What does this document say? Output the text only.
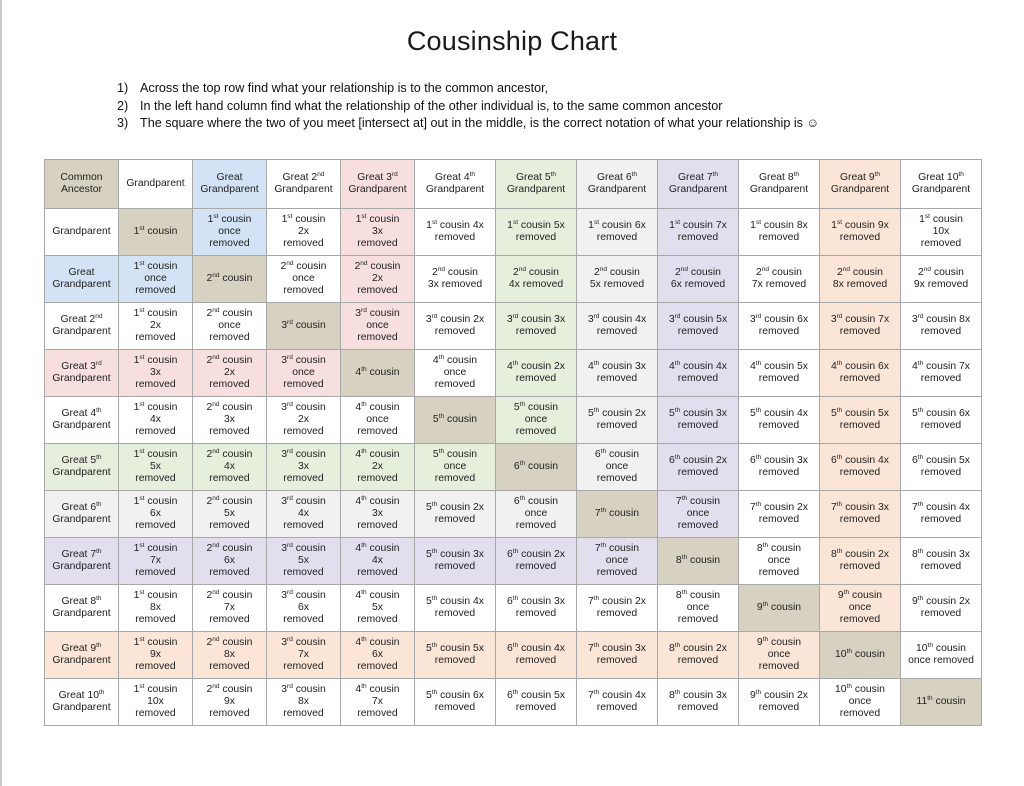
Cousinship Chart
1) Across the top row find what your relationship is to the common ancestor,
2) In the left hand column find what the relationship of the other individual is, to the same common ancestor
3) The square where the two of you meet [intersect at] out in the middle, is the correct notation of what your relationship is ☺
Common
Ancestor	Grandparent	Great
Grandparent	Great 2nd
Grandparent	Great 3rd
Grandparent	Great 4th
Grandparent	Great 5th
Grandparent	Great 6th
Grandparent	Great 7th
Grandparent	Great 8th
Grandparent	Great 9th
Grandparent	Great 10th
Grandparent

Grandparent	1st cousin	1st cousin
once
removed	1st cousin
2x
removed	1st cousin
3x
removed	1st cousin 4x
removed	1st cousin 5x
removed	1st cousin 6x
removed	1st cousin 7x
removed	1st cousin 8x
removed	1st cousin 9x
removed	1st cousin
10x
removed

Great
Grandparent	1st cousin
once
removed	2nd cousin	2nd cousin
once
removed	2nd cousin
2x
removed	2nd cousin
3x removed	2nd cousin
4x removed	2nd cousin
5x removed	2nd cousin
6x removed	2nd cousin
7x removed	2nd cousin
8x removed	2nd cousin
9x removed

Great 2nd
Grandparent	1st cousin
2x
removed	2nd cousin
once
removed	3rd cousin	3rd cousin
once
removed	3rd cousin 2x
removed	3rd cousin 3x
removed	3rd cousin 4x
removed	3rd cousin 5x
removed	3rd cousin 6x
removed	3rd cousin 7x
removed	3rd cousin 8x
removed

Great 3rd
Grandparent	1st cousin
3x
removed	2nd cousin
2x
removed	3rd cousin
once
removed	4th cousin	4th cousin
once
removed	4th cousin 2x
removed	4th cousin 3x
removed	4th cousin 4x
removed	4th cousin 5x
removed	4th cousin 6x
removed	4th cousin 7x
removed

Great 4th
Grandparent	1st cousin
4x
removed	2nd cousin
3x
removed	3rd cousin
2x
removed	4th cousin
once
removed	5th cousin	5th cousin
once
removed	5th cousin 2x
removed	5th cousin 3x
removed	5th cousin 4x
removed	5th cousin 5x
removed	5th cousin 6x
removed

Great 5th
Grandparent	1st cousin
5x
removed	2nd cousin
4x
removed	3rd cousin
3x
removed	4th cousin
2x
removed	5th cousin
once
removed	6th cousin	6th cousin
once
removed	6th cousin 2x
removed	6th cousin 3x
removed	6th cousin 4x
removed	6th cousin 5x
removed

Great 6th
Grandparent	1st cousin
6x
removed	2nd cousin
5x
removed	3rd cousin
4x
removed	4th cousin
3x
removed	5th cousin 2x
removed	6th cousin
once
removed	7th cousin	7th cousin
once
removed	7th cousin 2x
removed	7th cousin 3x
removed	7th cousin 4x
removed

Great 7th
Grandparent	1st cousin
7x
removed	2nd cousin
6x
removed	3rd cousin
5x
removed	4th cousin
4x
removed	5th cousin 3x
removed	6th cousin 2x
removed	7th cousin
once
removed	8th cousin	8th cousin
once
removed	8th cousin 2x
removed	8th cousin 3x
removed

Great 8th
Grandparent	1st cousin
8x
removed	2nd cousin
7x
removed	3rd cousin
6x
removed	4th cousin
5x
removed	5th cousin 4x
removed	6th cousin 3x
removed	7th cousin 2x
removed	8th cousin
once
removed	9th cousin	9th cousin
once
removed	9th cousin 2x
removed

Great 9th
Grandparent	1st cousin
9x
removed	2nd cousin
8x
removed	3rd cousin
7x
removed	4th cousin
6x
removed	5th cousin 5x
removed	6th cousin 4x
removed	7th cousin 3x
removed	8th cousin 2x
removed	9th cousin
once
removed	10th cousin	10th cousin
once removed

Great 10th
Grandparent	1st cousin
10x
removed	2nd cousin
9x
removed	3rd cousin
8x
removed	4th cousin
7x
removed	5th cousin 6x
removed	6th cousin 5x
removed	7th cousin 4x
removed	8th cousin 3x
removed	9th cousin 2x
removed	10th cousin
once
removed	11th cousin
